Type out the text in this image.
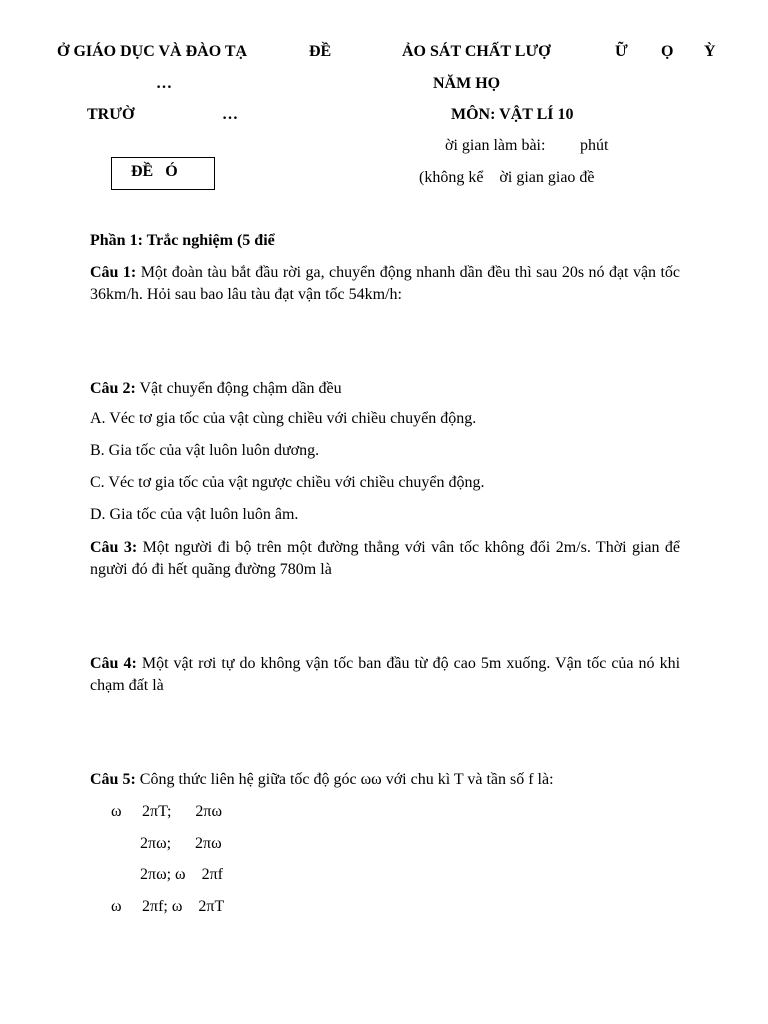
Ở GIÁO DỤC VÀ ĐÀO TẠ	ĐỀ	ẢO SÁT CHẤT LƯỢ	Ữ Ọ Ỳ
…	NĂM HỌ
TRƯỜ	…	MÔN: VẬT LÍ 10
ời gian làm bài: phút
ĐỀ   Ó	(không kể    ời gian giao đề
Phần 1: Trắc nghiệm (5 điể
Câu 1: Một đoàn tàu bắt đầu rời ga, chuyển động nhanh dần đều thì sau 20s nó đạt vận tốc 36km/h. Hỏi sau bao lâu tàu đạt vận tốc 54km/h:
Câu 2: Vật chuyển động chậm dần đều
A. Véc tơ gia tốc của vật cùng chiều với chiều chuyển động.
B. Gia tốc của vật luôn luôn dương.
C. Véc tơ gia tốc của vật ngược chiều với chiều chuyển động.
D. Gia tốc của vật luôn luôn âm.
Câu 3: Một người đi bộ trên một đường thẳng với vân tốc không đổi 2m/s. Thời gian để người đó đi hết quãng đường 780m là
Câu 4: Một vật rơi tự do không vận tốc ban đầu từ độ cao 5m xuống. Vận tốc của nó khi chạm đất là
Câu 5: Công thức liên hệ giữa tốc độ góc ωω với chu kì T và tần số f là:
ω 2πT;      2πω
2πω;      2πω
2πω; ω    2πf
ω 2πf; ω    2πT
